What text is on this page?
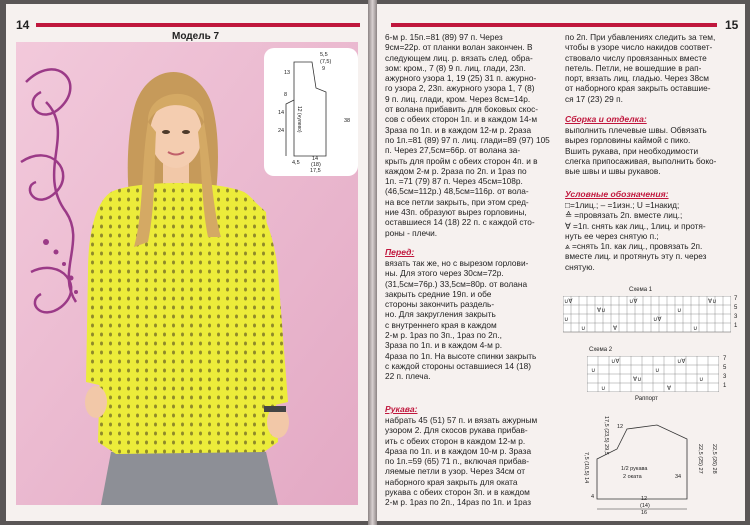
14
Модель 7
5,5
(7,5)
9
13
8
12 (нулево)	38
14
24
4,5
14
(18)
17,5
15
6-м р. 15п.=81 (89) 97 п. Через
9см=22р. от планки волан закончен. В
следующем лиц. р. вязать след. обра-
зом: кром., 7 (8) 9 п. лиц. глади, 23п.
ажурного узора 1, 19 (25) 31 п. ажурно-
го узора 2, 23п. ажурного узора 1, 7 (8)
9 п. лиц. глади, кром. Через 8см=14р.
от волана прибавить для боковых скос-
сов с обеих сторон 1п. и в каждом 14-м
3раза по 1п. и в каждом 12-м р. 2раза
по 1п.=81 (89) 97 п. лиц. глади=89 (97) 105
п. Через 27,5см=66р. от волана за-
крыть для пройм с обеих сторон 4п. и в
каждом 2-м р. 2раза по 2п. и 1раз по
1п. =71 (79) 87 п. Через 45см=108р.
(46,5см=112р.) 48,5см=116р. от вола-
на все петли закрыть, при этом сред-
ние 43п. образуют вырез горловины,
оставшиеся 14 (18) 22 п. с каждой сто-
роны - плечи.
Перед:
вязать так же, но с вырезом горлови-
ны. Для этого через 30см=72р.
(31,5см=76р.) 33,5см=80р. от волана
закрыть средние 19п. и обе
стороны закончить раздель-
но. Для закругления закрыть
с внутреннего края в каждом
2-м р. 1раз по 3п., 1раз по 2п.,
3раза по 1п. и в каждом 4-м р.
4раза по 1п. На высоте спинки закрыть
с каждой стороны оставшиеся 14 (18)
22 п. плеча.
Рукава:
набрать 45 (51) 57 п. и вязать ажурным
узором 2. Для скосов рукава прибав-
ить с обеих сторон в каждом 12-м р.
4раза по 1п. и в каждом 10-м р. 3раза
по 1п.=59 (65) 71 п., включая прибав-
ляемые петли в узор. Через 34см от
наборного края закрыть для оката
рукава с обеих сторон 3п. и в каждом
2-м р. 1раз по 2п., 14раз по 1п. и 1раз
по 2п. При убавлениях следить за тем,
чтобы в узоре число накидов соответ-
ствовало числу провязанных вместе
петель. Петли, не вошедшие в рап-
порт, вязать лиц. гладью. Через 38см
от наборного края закрыть оставшие-
ся 17 (23) 29 п.
Сборка и отделка:
выполнить плечевые швы. Обвязать
вырез горловины каймой с пико.
Вшить рукава, при необходимости
слегка припосаживая, выполнить боко-
вые швы и швы рукавов.
Условные обозначения:
□=1лиц.; – =1изн.; U =1накид;
≙ =провязать 2п. вместе лиц.;
∀ =1п. снять как лиц., 1лиц. и протя-
нуть ее через снятую п.;
⩓ =снять 1п. как лиц., провязать 2п.
вместе лиц. и протянуть эту п. через
снятую.
Схема 1
∪∀	∪∀
∪
∀∪
∪
∀∪
∪∀
∪
∀
∪
7
5
3
1
Схема 2
∪∀	∪∀
∪	∪
∀∪	∪
∪	∀
7
5
3
1
Раппорт
17,5 (23,5) 29,5 12
7,5 (10,5) 14	1/2 рукава
2 оката
22,5 (25) 27 22,5 (26) 28
34
4	12
(14)
16
